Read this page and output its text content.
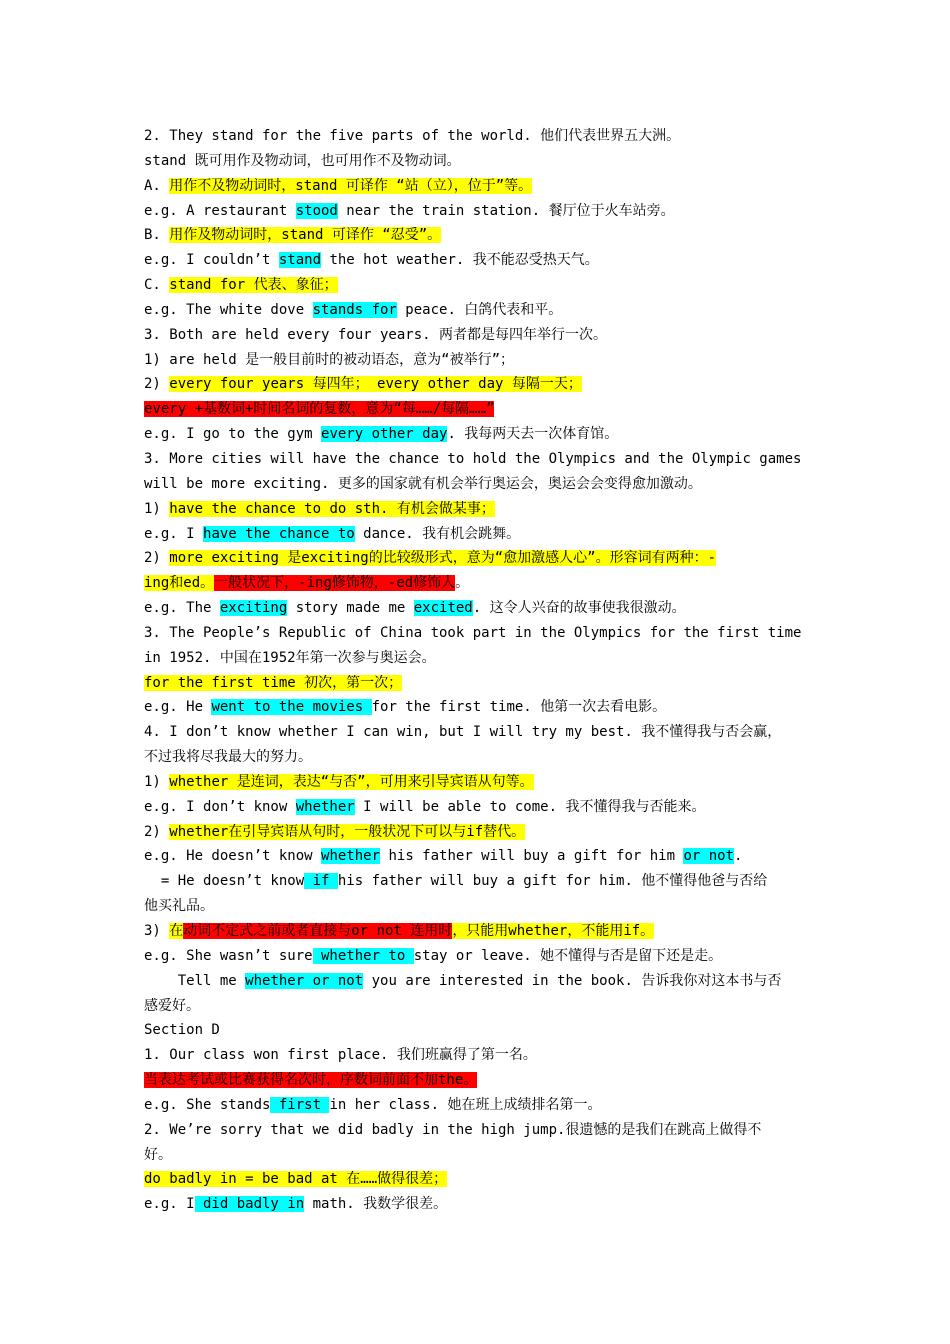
2. They stand for the five parts of the world. 他们代表世界五大洲。
stand 既可用作及物动词，也可用作不及物动词。
A. 用作不及物动词时，stand 可译作 “站（立），位于”等。
e.g. A restaurant stood near the train station. 餐厅位于火车站旁。
B. 用作及物动词时，stand 可译作 “忍受”。
e.g. I couldn’t stand the hot weather. 我不能忍受热天气。
C. stand for 代表、象征；
e.g. The white dove stands for peace. 白鸽代表和平。
3. Both are held every four years. 两者都是每四年举行一次。
1) are held 是一般目前时的被动语态，意为“被举行”；
2) every four years 每四年； every other day 每隔一天；
every +基数词+时间名词的复数，意为“每……/每隔……”
e.g. I go to the gym every other day. 我每两天去一次体育馆。
3. More cities will have the chance to hold the Olympics and the Olympic games
will be more exciting. 更多的国家就有机会举行奥运会，奥运会会变得愈加激动。
1) have the chance to do sth. 有机会做某事；
e.g. I have the chance to dance. 我有机会跳舞。
2) more exciting 是exciting的比较级形式，意为“愈加激感人心”。形容词有两种：-
ing和ed。一般状况下，-ing修饰物，-ed修饰人。
e.g. The exciting story made me excited. 这令人兴奋的故事使我很激动。
3. The People’s Republic of China took part in the Olympics for the first time
in 1952. 中国在1952年第一次参与奥运会。
for the first time 初次，第一次；
e.g. He went to the movies for the first time. 他第一次去看电影。
4. I don’t know whether I can win, but I will try my best. 我不懂得我与否会赢，
不过我将尽我最大的努力。
1) whether 是连词，表达“与否”，可用来引导宾语从句等。
e.g. I don’t know whether I will be able to come. 我不懂得我与否能来。
2) whether在引导宾语从句时，一般状况下可以与if替代。
e.g. He doesn’t know whether his father will buy a gift for him or not.
= He doesn’t know if his father will buy a gift for him. 他不懂得他爸与否给
他买礼品。
3) 在动词不定式之前或者直接与or not 连用时，只能用whether，不能用if。
e.g. She wasn’t sure whether to stay or leave. 她不懂得与否是留下还是走。
Tell me whether or not you are interested in the book. 告诉我你对这本书与否
感爱好。
Section D
1. Our class won first place. 我们班赢得了第一名。
当表达考试或比赛获得名次时，序数词前面不加the。
e.g. She stands first in her class. 她在班上成绩排名第一。
2. We’re sorry that we did badly in the high jump.很遗憾的是我们在跳高上做得不
好。
do badly in = be bad at 在……做得很差；
e.g. I did badly in math. 我数学很差。
